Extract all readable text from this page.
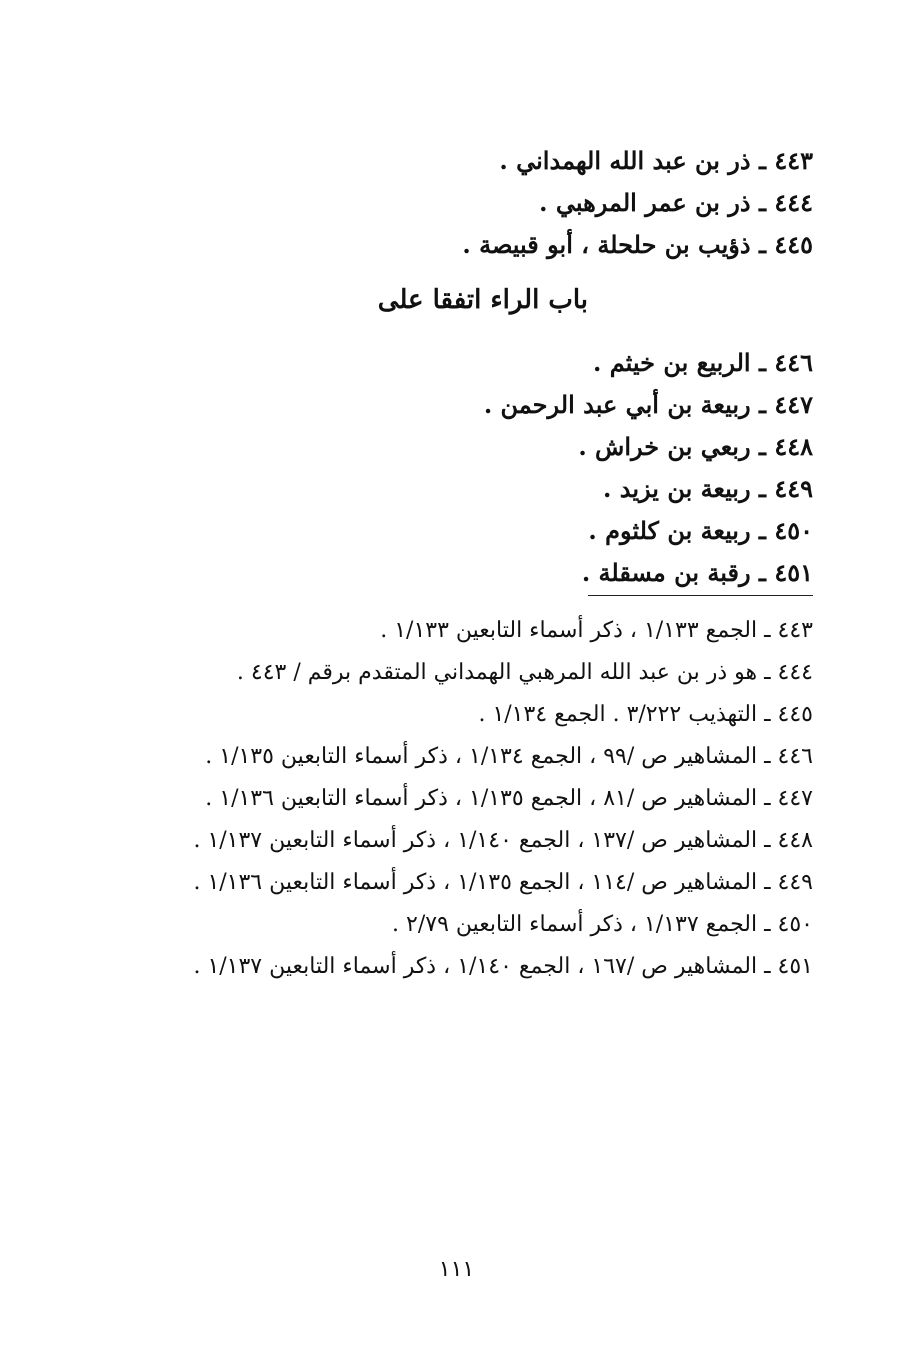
٤٤٣ ـ ذر بن عبد الله الهمداني .
٤٤٤ ـ ذر بن عمر المرهبي .
٤٤٥ ـ ذؤيب بن حلحلة ، أبو قبيصة .
باب الراء اتفقا على
٤٤٦ ـ الربيع بن خيثم .
٤٤٧ ـ ربيعة بن أبي عبد الرحمن .
٤٤٨ ـ ربعي بن خراش .
٤٤٩ ـ ربيعة بن يزيد .
٤٥٠ ـ ربيعة بن كلثوم .
٤٥١ ـ رقبة بن مسقلة .
٤٤٣ ـ الجمع ١/١٣٣ ، ذكر أسماء التابعين ١/١٣٣ .
٤٤٤ ـ هو ذر بن عبد الله المرهبي الهمداني المتقدم برقم / ٤٤٣ .
٤٤٥ ـ التهذيب ٣/٢٢٢ . الجمع ١/١٣٤ .
٤٤٦ ـ المشاهير ص /٩٩ ، الجمع ١/١٣٤ ، ذكر أسماء التابعين ١/١٣٥ .
٤٤٧ ـ المشاهير ص /٨١ ، الجمع ١/١٣٥ ، ذكر أسماء التابعين ١/١٣٦ .
٤٤٨ ـ المشاهير ص /١٣٧ ، الجمع ١/١٤٠ ، ذكر أسماء التابعين ١/١٣٧ .
٤٤٩ ـ المشاهير ص /١١٤ ، الجمع ١/١٣٥ ، ذكر أسماء التابعين ١/١٣٦ .
٤٥٠ ـ الجمع ١/١٣٧ ، ذكر أسماء التابعين ٢/٧٩ .
٤٥١ ـ المشاهير ص /١٦٧ ، الجمع ١/١٤٠ ، ذكر أسماء التابعين ١/١٣٧ .
١١١
